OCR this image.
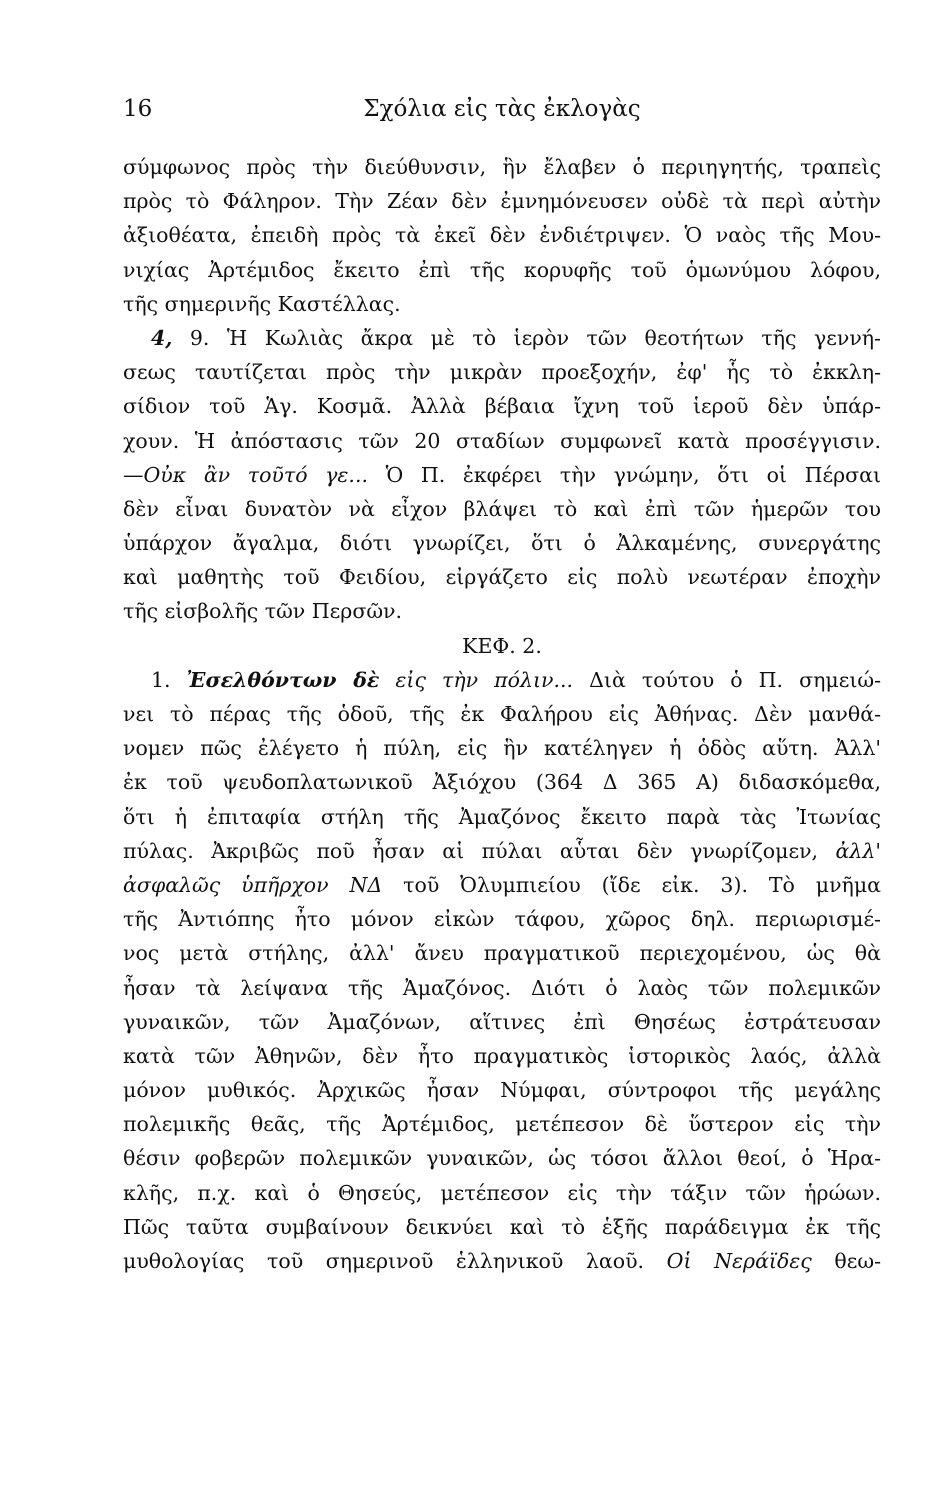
16	Σχόλια εἰς τὰς ἐκλογὰς
σύμφωνος πρὸς τὴν διεύθυνσιν, ἣν ἔλαβεν ὁ περιηγητής, τραπεὶς
πρὸς τὸ Φάληρον. Τὴν Ζέαν δὲν ἐμνημόνευσεν οὐδὲ τὰ περὶ αὐτὴν
ἀξιοθέατα, ἐπειδὴ πρὸς τὰ ἐκεῖ δὲν ἐνδιέτριψεν. Ὁ ναὸς τῆς Μου-
νιχίας Ἀρτέμιδος ἔκειτο ἐπὶ τῆς κορυφῆς τοῦ ὁμωνύμου λόφου,
τῆς σημερινῆς Καστέλλας.
4, 9. Ἡ Κωλιὰς ἄκρα μὲ τὸ ἱερὸν τῶν θεοτήτων τῆς γεννή-
σεως ταυτίζεται πρὸς τὴν μικρὰν προεξοχήν, ἐφ' ἧς τὸ ἐκκλη-
σίδιον τοῦ Ἁγ. Κοσμᾶ. Ἀλλὰ βέβαια ἴχνη τοῦ ἱεροῦ δὲν ὑπάρ-
χουν. Ἡ ἀπόστασις τῶν 20 σταδίων συμφωνεῖ κατὰ προσέγγισιν.
—Οὐκ ἂν τοῦτό γε... Ὁ Π. ἐκφέρει τὴν γνώμην, ὅτι οἱ Πέρσαι
δὲν εἶναι δυνατὸν νὰ εἶχον βλάψει τὸ καὶ ἐπὶ τῶν ἡμερῶν του
ὑπάρχον ἄγαλμα, διότι γνωρίζει, ὅτι ὁ Ἀλκαμένης, συνεργάτης
καὶ μαθητὴς τοῦ Φειδίου, εἰργάζετο εἰς πολὺ νεωτέραν ἐποχὴν
τῆς εἰσβολῆς τῶν Περσῶν.
ΚΕΦ. 2.
1. Ἐσελθόντων δὲ εἰς τὴν πόλιν... Διὰ τούτου ὁ Π. σημειώ-
νει τὸ πέρας τῆς ὁδοῦ, τῆς ἐκ Φαλήρου εἰς Ἀθήνας. Δὲν μανθά-
νομεν πῶς ἐλέγετο ἡ πύλη, εἰς ἣν κατέληγεν ἡ ὁδὸς αὕτη. Ἀλλ'
ἐκ τοῦ ψευδοπλατωνικοῦ Ἀξιόχου (364 Δ 365 Α) διδασκόμεθα,
ὅτι ἡ ἐπιταφία στήλη τῆς Ἀμαζόνος ἔκειτο παρὰ τὰς Ἰτωνίας
πύλας. Ἀκριβῶς ποῦ ἦσαν αἱ πύλαι αὗται δὲν γνωρίζομεν, ἀλλ'
ἀσφαλῶς ὑπῆρχον ΝΔ τοῦ Ὀλυμπιείου (ἴδε εἰκ. 3). Τὸ μνῆμα
τῆς Ἀντιόπης ἦτο μόνον εἰκὼν τάφου, χῶρος δηλ. περιωρισμέ-
νος μετὰ στήλης, ἀλλ' ἄνευ πραγματικοῦ περιεχομένου, ὡς θὰ
ἦσαν τὰ λείψανα τῆς Ἀμαζόνος. Διότι ὁ λαὸς τῶν πολεμικῶν
γυναικῶν, τῶν Ἀμαζόνων, αἵτινες ἐπὶ Θησέως ἐστράτευσαν
κατὰ τῶν Ἀθηνῶν, δὲν ἦτο πραγματικὸς ἱστορικὸς λαός, ἀλλὰ
μόνον μυθικός. Ἀρχικῶς ἦσαν Νύμφαι, σύντροφοι τῆς μεγάλης
πολεμικῆς θεᾶς, τῆς Ἀρτέμιδος, μετέπεσον δὲ ὕστερον εἰς τὴν
θέσιν φοβερῶν πολεμικῶν γυναικῶν, ὡς τόσοι ἄλλοι θεοί, ὁ Ἡρα-
κλῆς, π.χ. καὶ ὁ Θησεύς, μετέπεσον εἰς τὴν τάξιν τῶν ἡρώων.
Πῶς ταῦτα συμβαίνουν δεικνύει καὶ τὸ ἑξῆς παράδειγμα ἐκ τῆς
μυθολογίας τοῦ σημερινοῦ ἑλληνικοῦ λαοῦ. Οἱ Νεράϊδες θεω-
